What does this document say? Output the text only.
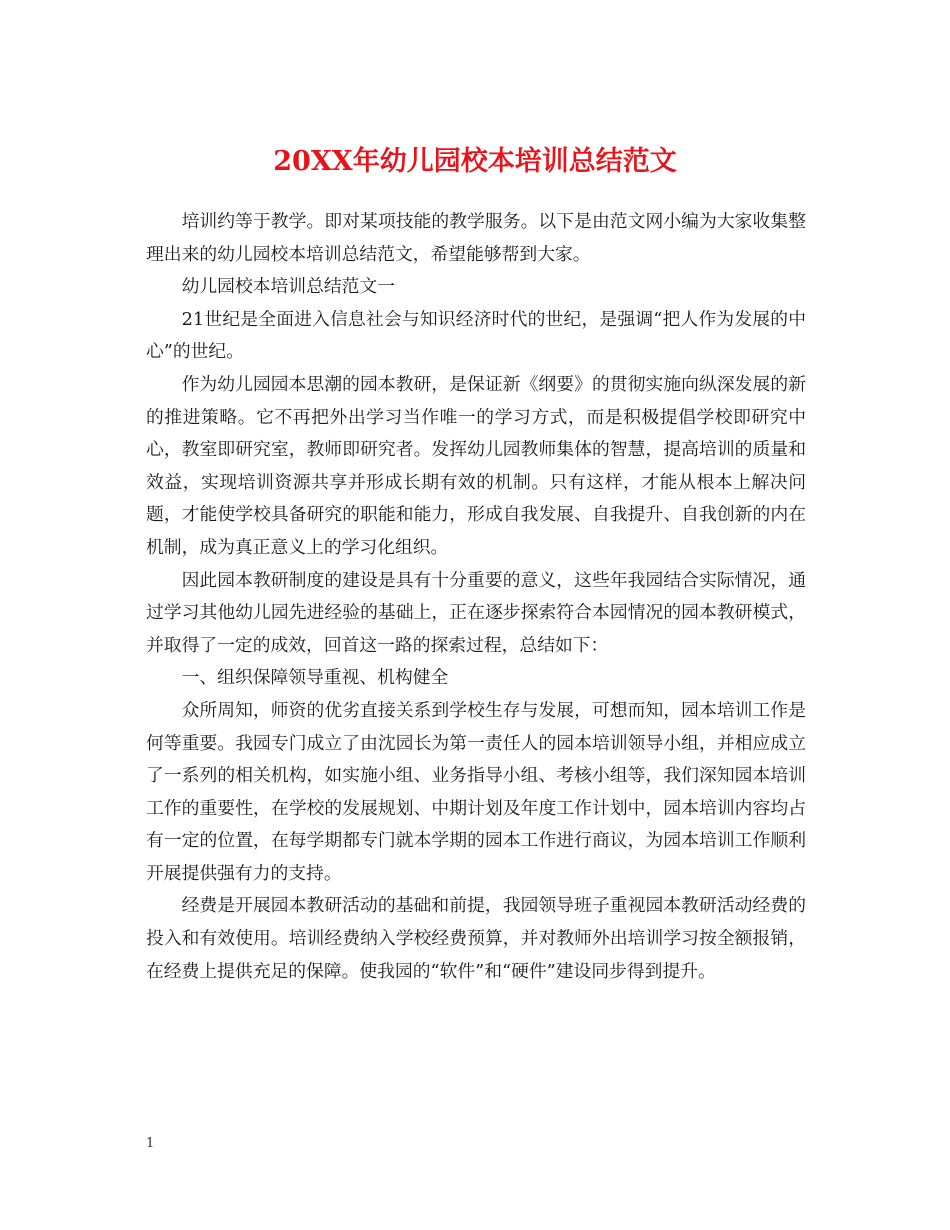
20XX年幼儿园校本培训总结范文

培训约等于教学。即对某项技能的教学服务。以下是由范文网小编为大家收集整理出来的幼儿园校本培训总结范文，希望能够帮到大家。

幼儿园校本培训总结范文一

21世纪是全面进入信息社会与知识经济时代的世纪，是强调“把人作为发展的中心”的世纪。

作为幼儿园园本思潮的园本教研，是保证新《纲要》的贯彻实施向纵深发展的新的推进策略。它不再把外出学习当作唯一的学习方式，而是积极提倡学校即研究中心，教室即研究室，教师即研究者。发挥幼儿园教师集体的智慧，提高培训的质量和效益，实现培训资源共享并形成长期有效的机制。只有这样，才能从根本上解决问题，才能使学校具备研究的职能和能力，形成自我发展、自我提升、自我创新的内在机制，成为真正意义上的学习化组织。

因此园本教研制度的建设是具有十分重要的意义，这些年我园结合实际情况，通过学习其他幼儿园先进经验的基础上，正在逐步探索符合本园情况的园本教研模式，并取得了一定的成效，回首这一路的探索过程，总结如下：

一、组织保障领导重视、机构健全

众所周知，师资的优劣直接关系到学校生存与发展，可想而知，园本培训工作是何等重要。我园专门成立了由沈园长为第一责任人的园本培训领导小组，并相应成立了一系列的相关机构，如实施小组、业务指导小组、考核小组等，我们深知园本培训工作的重要性，在学校的发展规划、中期计划及年度工作计划中，园本培训内容均占有一定的位置，在每学期都专门就本学期的园本工作进行商议，为园本培训工作顺利开展提供强有力的支持。

经费是开展园本教研活动的基础和前提，我园领导班子重视园本教研活动经费的投入和有效使用。培训经费纳入学校经费预算，并对教师外出培训学习按全额报销，在经费上提供充足的保障。使我园的“软件”和“硬件”建设同步得到提升。

1
